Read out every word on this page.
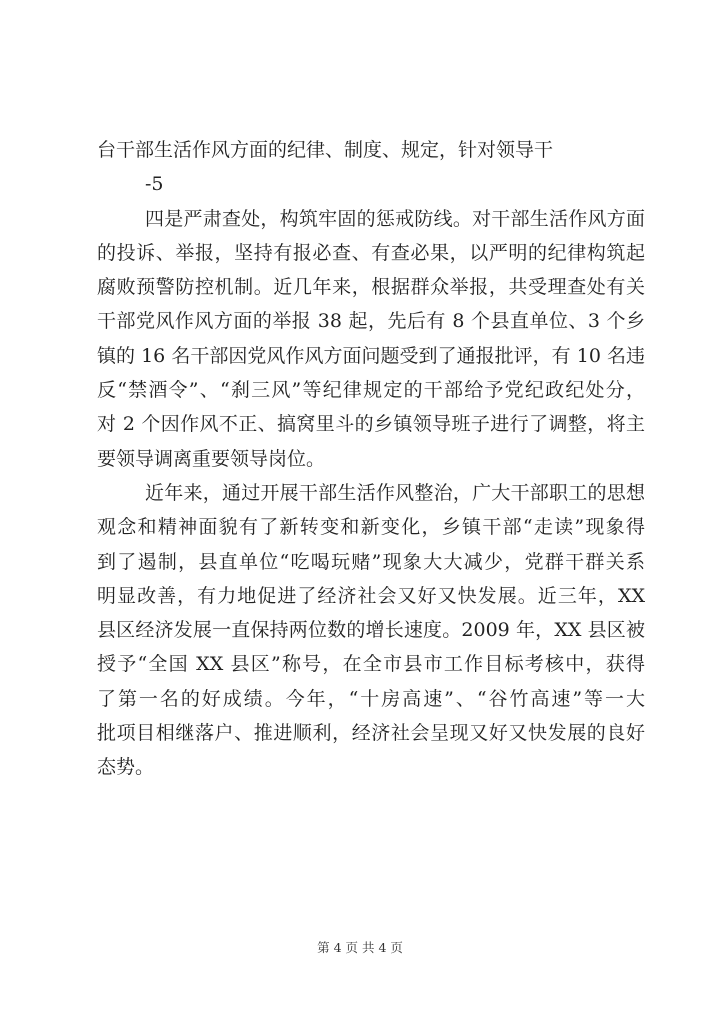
台干部生活作风方面的纪律、制度、规定，针对领导干
-5
四是严肃查处，构筑牢固的惩戒防线。对干部生活作风方面
的投诉、举报，坚持有报必查、有查必果，以严明的纪律构筑起
腐败预警防控机制。近几年来，根据群众举报，共受理查处有关
干部党风作风方面的举报 38 起，先后有 8 个县直单位、3 个乡
镇的 16 名干部因党风作风方面问题受到了通报批评，有 10 名违
反“禁酒令”、“刹三风”等纪律规定的干部给予党纪政纪处分，
对 2 个因作风不正、搞窝里斗的乡镇领导班子进行了调整，将主
要领导调离重要领导岗位。
近年来，通过开展干部生活作风整治，广大干部职工的思想
观念和精神面貌有了新转变和新变化，乡镇干部“走读”现象得
到了遏制，县直单位“吃喝玩赌”现象大大减少，党群干群关系
明显改善，有力地促进了经济社会又好又快发展。近三年，XX
县区经济发展一直保持两位数的增长速度。2009 年，XX 县区被
授予“全国 XX 县区”称号，在全市县市工作目标考核中，获得
了第一名的好成绩。今年，“十房高速”、“谷竹高速”等一大
批项目相继落户、推进顺利，经济社会呈现又好又快发展的良好
态势。
第 4 页 共 4 页
